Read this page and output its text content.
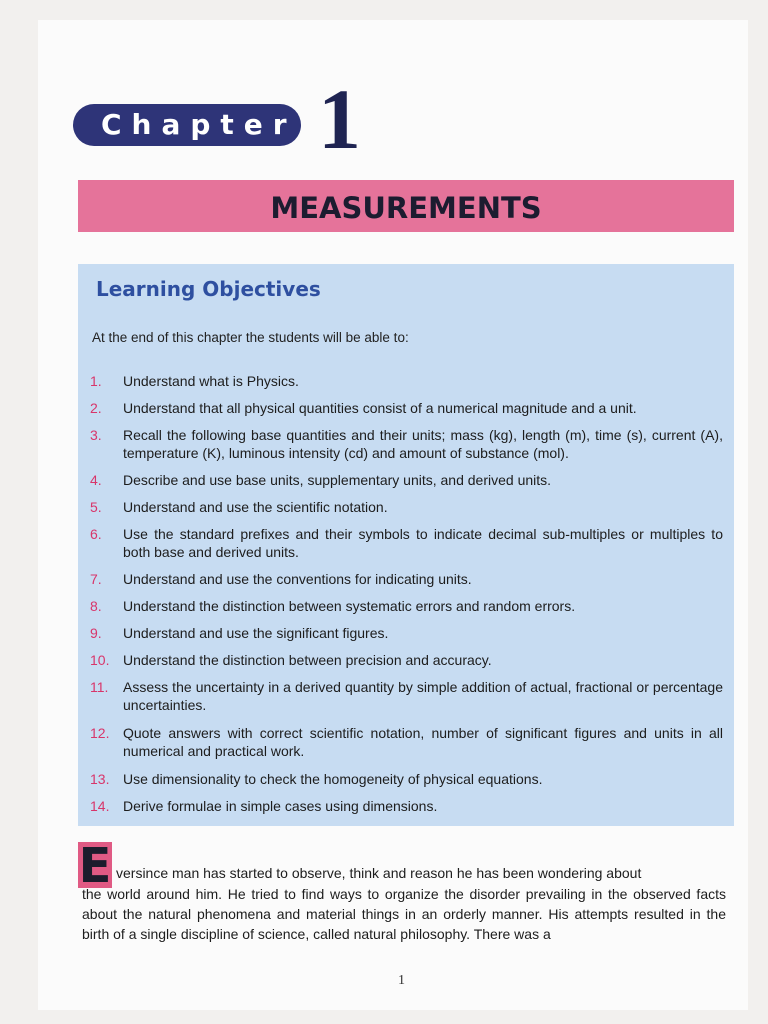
Chapter 1
MEASUREMENTS
Learning Objectives
At the end of this chapter the students will be able to:
1.	Understand what is Physics.
2.	Understand that all physical quantities consist of a numerical magnitude and a unit.
3.	Recall the following base quantities and their units; mass (kg), length (m), time (s), current (A), temperature (K), luminous intensity (cd) and amount of substance (mol).
4.	Describe and use base units, supplementary units, and derived units.
5.	Understand and use the scientific notation.
6.	Use the standard prefixes and their symbols to indicate decimal sub-multiples or multiples to both base and derived units.
7.	Understand and use the conventions for indicating units.
8.	Understand the distinction between systematic errors and random errors.
9.	Understand and use the significant figures.
10. Understand the distinction between precision and accuracy.
11.	Assess the uncertainty in a derived quantity by simple addition of actual, fractional or percentage uncertainties.
12. Quote answers with correct scientific notation, number of significant figures and units in all numerical and practical work.
13. Use dimensionality to check the homogeneity of physical equations.
14. Derive formulae in simple cases using dimensions.
E versince man has started to observe, think and reason he has been wondering about
the world around him. He tried to find ways to organize the disorder prevailing in the observed facts about the natural phenomena and material things in an orderly manner. His attempts resulted in the birth of a single discipline of science, called natural philosophy. There was a
1
